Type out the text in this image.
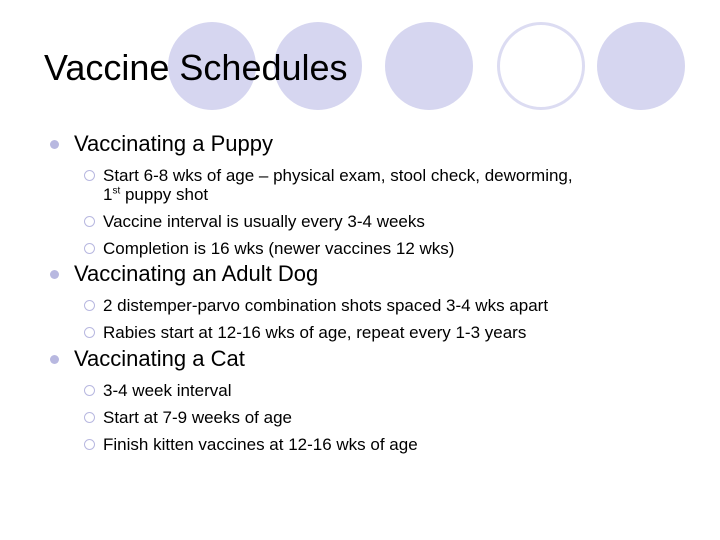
Vaccine Schedules
Vaccinating a Puppy
Start 6-8 wks of age – physical exam, stool check, deworming,
1st puppy shot
Vaccine interval is usually every 3-4 weeks
Completion is 16 wks (newer vaccines 12 wks)
Vaccinating an Adult Dog
2 distemper-parvo combination shots spaced 3-4 wks apart
Rabies start at 12-16 wks of age, repeat every 1-3 years
Vaccinating a Cat
3-4 week interval
Start at 7-9 weeks of age
Finish kitten vaccines at 12-16 wks of age
